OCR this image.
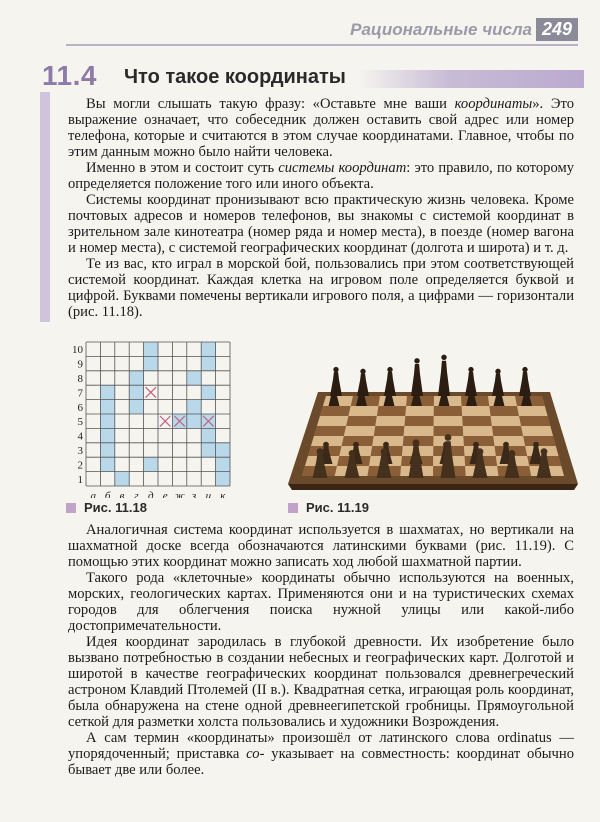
Рациональные числа 249
11.4 Что такое координаты

Вы могли слышать такую фразу: «Оставьте мне ваши координаты». Это выражение означает, что собеседник должен оставить свой адрес или номер телефона, которые и считаются в этом случае координатами. Главное, чтобы по этим данным можно было найти человека.

Именно в этом и состоит суть системы координат: это правило, по которому определяется положение того или иного объекта.

Системы координат пронизывают всю практическую жизнь человека. Кроме почтовых адресов и номеров телефонов, вы знакомы с системой координат в зрительном зале кинотеатра (номер ряда и номер места), в поезде (номер вагона и номер места), с системой географических координат (долгота и широта) и т. д.

Те из вас, кто играл в морской бой, пользовались при этом соответствующей системой координат. Каждая клетка на игровом поле определяется буквой и цифрой. Буквами помечены вертикали игрового поля, а цифрами — горизонтали (рис. 11.18).

10
9
8
7
6
5
4
3
2
1
а б в г д е ж з и к
Рис. 11.18	Рис. 11.19

Аналогичная система координат используется в шахматах, но вертикали на шахматной доске всегда обозначаются латинскими буквами (рис. 11.19). С помощью этих координат можно записать ход любой шахматной партии.

Такого рода «клеточные» координаты обычно используются на военных, морских, геологических картах. Применяются они и на туристических схемах городов для облегчения поиска нужной улицы или какой-либо достопримечательности.

Идея координат зародилась в глубокой древности. Их изобретение было вызвано потребностью в создании небесных и географических карт. Долготой и широтой в качестве географических координат пользовался древнегреческий астроном Клавдий Птолемей (II в.). Квадратная сетка, играющая роль координат, была обнаружена на стене одной древнеегипетской гробницы. Прямоугольной сеткой для разметки холста пользовались и художники Возрождения.

А сам термин «координаты» произошёл от латинского слова ordinatus — упорядоченный; приставка со- указывает на совместность: координат обычно бывает две или более.
